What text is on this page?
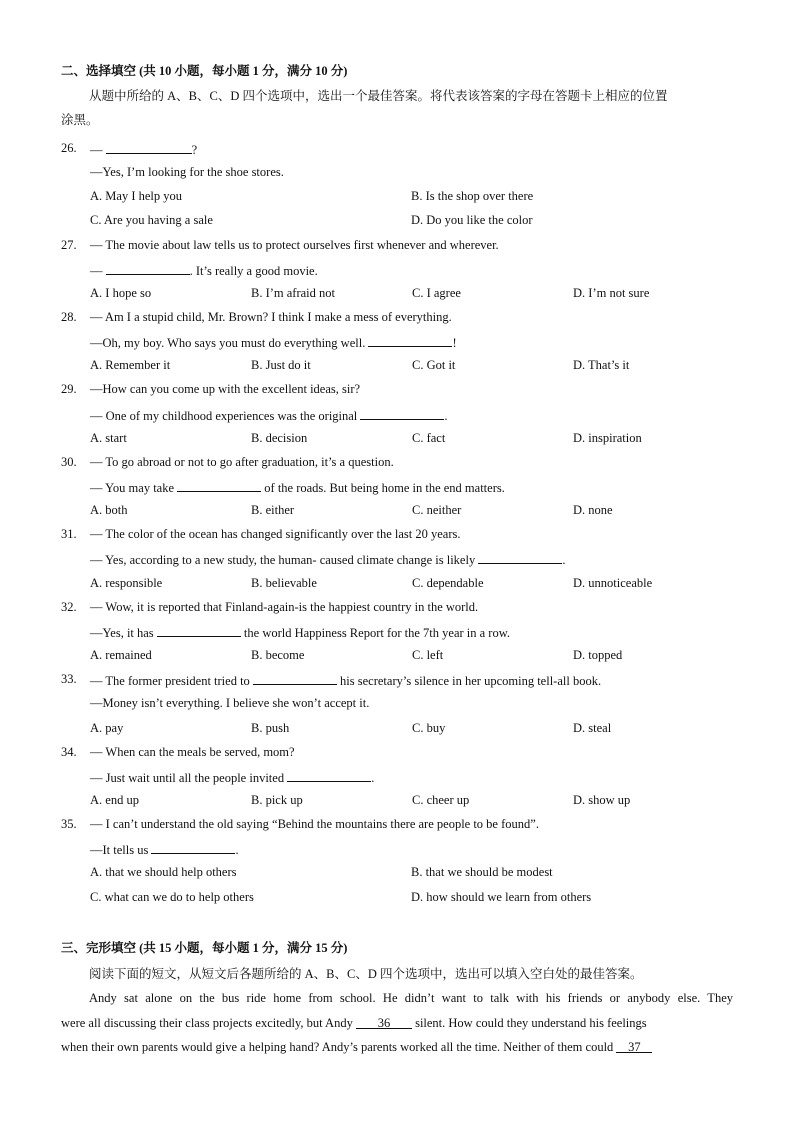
二、选择填空 (共 10 小题，每小题 1 分，满分 10 分)
从题中所给的 A、B、C、D 四个选项中，选出一个最佳答案。将代表该答案的字母在答题卡上相应的位置
涂黑。
26. —	?
—Yes, I’m looking for the shoe stores.
A. May I help you	B. Is the shop over there
C. Are you having a sale	D. Do you like the color
27. — The movie about law tells us to protect ourselves first whenever and wherever.
—	. It’s really a good movie.
A. I hope so	B. I’m afraid not	C. I agree	D. I’m not sure
28. — Am I a stupid child, Mr. Brown? I think I make a mess of everything.
—Oh, my boy. Who says you must do everything well.	!
A. Remember it	B. Just do it	C. Got it	D. That’s it
29. —How can you come up with the excellent ideas, sir?
— One of my childhood experiences was the original	.
A. start	B. decision	C. fact	D. inspiration
30. — To go abroad or not to go after graduation, it’s a question.
— You may take	of the roads. But being home in the end matters.
A. both	B. either	C. neither	D. none
31. — The color of the ocean has changed significantly over the last 20 years.
— Yes, according to a new study, the human- caused climate change is likely	.
A. responsible	B. believable	C. dependable	D. unnoticeable
32. — Wow, it is reported that Finland-again-is the happiest country in the world.
—Yes, it has	the world Happiness Report for the 7th year in a row.
A. remained	B. become	C. left	D. topped
33. — The former president tried to	his secretary’s silence in her upcoming tell-all book.
—Money isn’t everything. I believe she won’t accept it.
A. pay	B. push	C. buy	D. steal
34. — When can the meals be served, mom?
— Just wait until all the people invited	.
A. end up	B. pick up	C. cheer up	D. show up
35. — I can’t understand the old saying “Behind the mountains there are people to be found”.
—It tells us	.
A. that we should help others	B. that we should be modest
C. what can we do to help others	D. how should we learn from others
三、完形填空 (共 15 小题，每小题 1 分，满分 15 分)
阅读下面的短文，从短文后各题所给的 A、B、C、D 四个选项中，选出可以填入空白处的最佳答案。
Andy sat alone on the bus ride home from school. He didn’t want to talk with his friends or anybody else. They
were all discussing their class projects excitedly, but Andy 36 silent. How could they understand his feelings
when their own parents would give a helping hand? Andy’s parents worked all the time. Neither of them could 37
